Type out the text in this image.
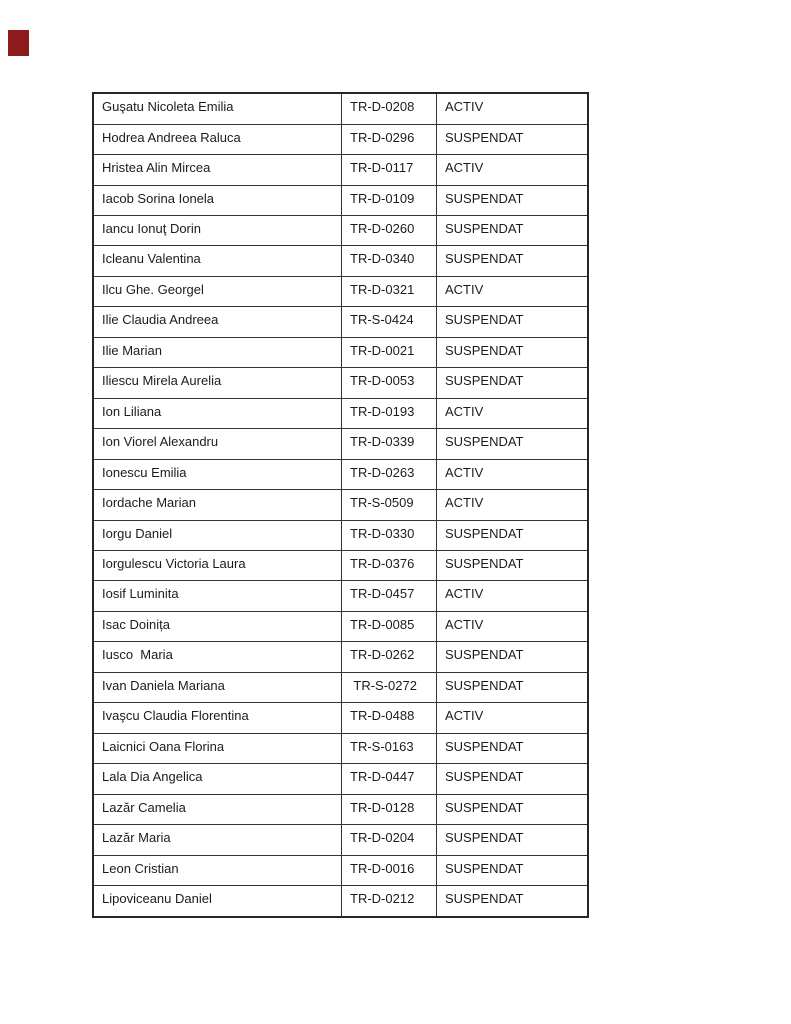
Guşatu Nicoleta Emilia	TR-D-0208	ACTIV
Hodrea Andreea Raluca	TR-D-0296	SUSPENDAT
Hristea Alin Mircea	TR-D-0117	ACTIV
Iacob Sorina Ionela	TR-D-0109	SUSPENDAT
Iancu Ionuţ Dorin	TR-D-0260	SUSPENDAT
Icleanu Valentina	TR-D-0340	SUSPENDAT
Ilcu Ghe. Georgel	TR-D-0321	ACTIV
Ilie Claudia Andreea	TR-S-0424	SUSPENDAT
Ilie Marian	TR-D-0021	SUSPENDAT
Iliescu Mirela Aurelia	TR-D-0053	SUSPENDAT
Ion Liliana	TR-D-0193	ACTIV
Ion Viorel Alexandru	TR-D-0339	SUSPENDAT
Ionescu Emilia	TR-D-0263	ACTIV
Iordache Marian	TR-S-0509	ACTIV
Iorgu Daniel	TR-D-0330	SUSPENDAT
Iorgulescu Victoria Laura	TR-D-0376	SUSPENDAT
Iosif Luminita	TR-D-0457	ACTIV
Isac Doinița	TR-D-0085	ACTIV
Iusco  Maria	TR-D-0262	SUSPENDAT
Ivan Daniela Mariana	TR-S-0272	SUSPENDAT
Ivaşcu Claudia Florentina	TR-D-0488	ACTIV
Laicnici Oana Florina	TR-S-0163	SUSPENDAT
Lala Dia Angelica	TR-D-0447	SUSPENDAT
Lazăr Camelia	TR-D-0128	SUSPENDAT
Lazăr Maria	TR-D-0204	SUSPENDAT
Leon Cristian	TR-D-0016	SUSPENDAT
Lipoviceanu Daniel	TR-D-0212	SUSPENDAT
